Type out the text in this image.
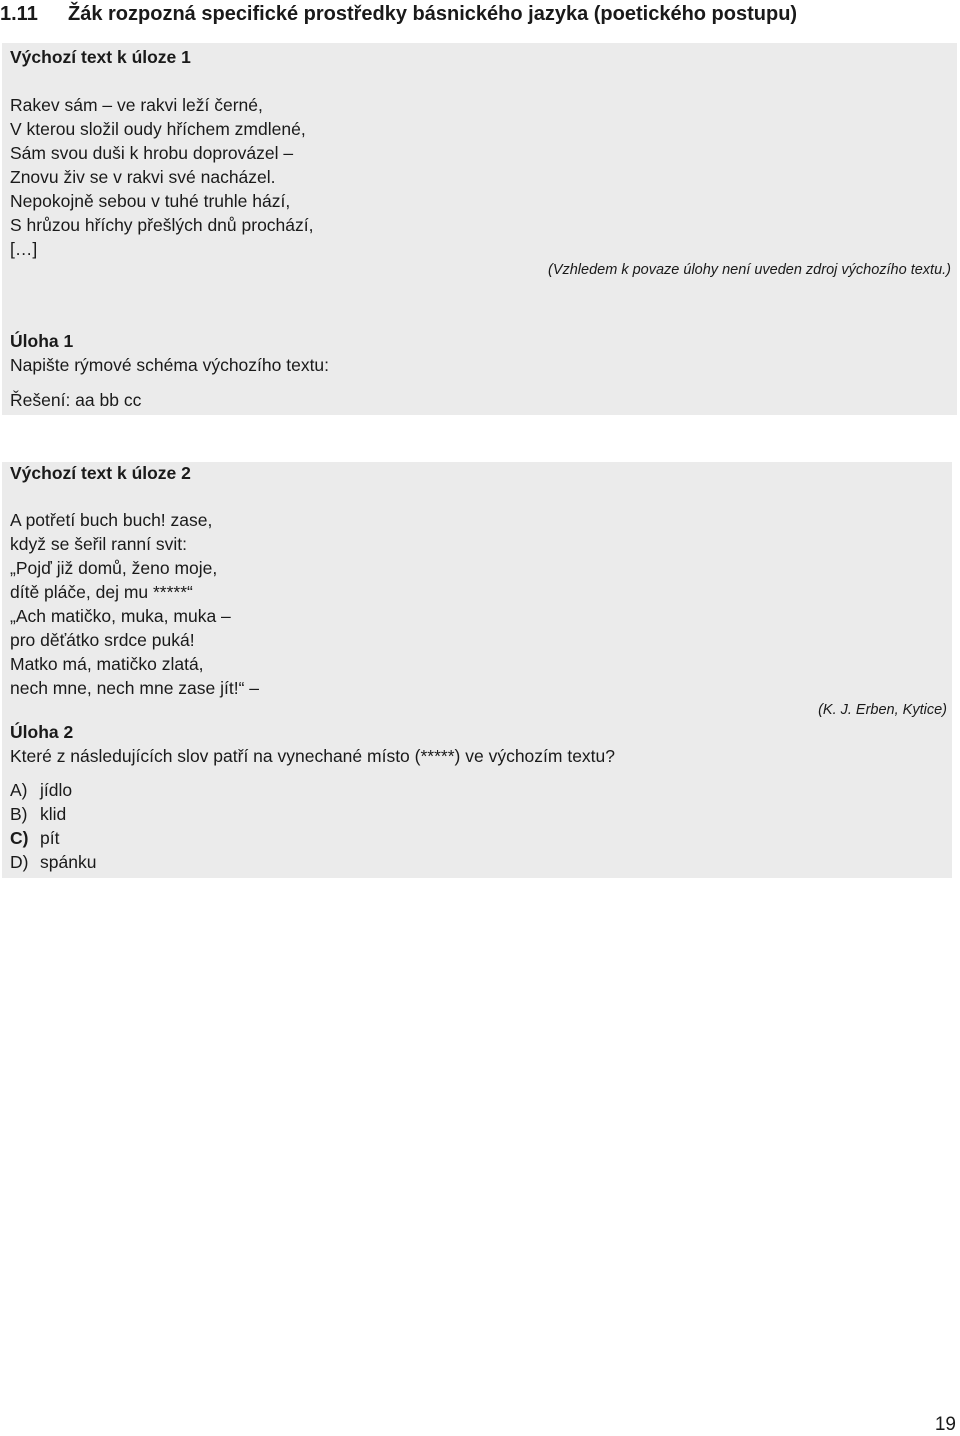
1.11 Žák rozpozná specifické prostředky básnického jazyka (poetického postupu)
Výchozí text k úloze 1
Rakev sám – ve rakvi leží černé,
V kterou složil oudy hříchem zmdlené,
Sám svou duši k hrobu doprovázel –
Znovu živ se v rakvi své nacházel.
Nepokojně sebou v tuhé truhle hází,
S hrůzou hříchy přešlých dnů prochází,
[…]
(Vzhledem k povaze úlohy není uveden zdroj výchozího textu.)
Úloha 1
Napište rýmové schéma výchozího textu:
Řešení: aa bb cc
Výchozí text k úloze 2
A potřetí buch buch! zase,
když se šeřil ranní svit:
„Pojď již domů, ženo moje,
dítě pláče, dej mu *****“
„Ach matičko, muka, muka –
pro děťátko srdce puká!
Matko má, matičko zlatá,
nech mne, nech mne zase jít!“ –
(K. J. Erben, Kytice)
Úloha 2
Které z následujících slov patří na vynechané místo (*****) ve výchozím textu?
A) jídlo
B) klid
C) pít
D) spánku
19
